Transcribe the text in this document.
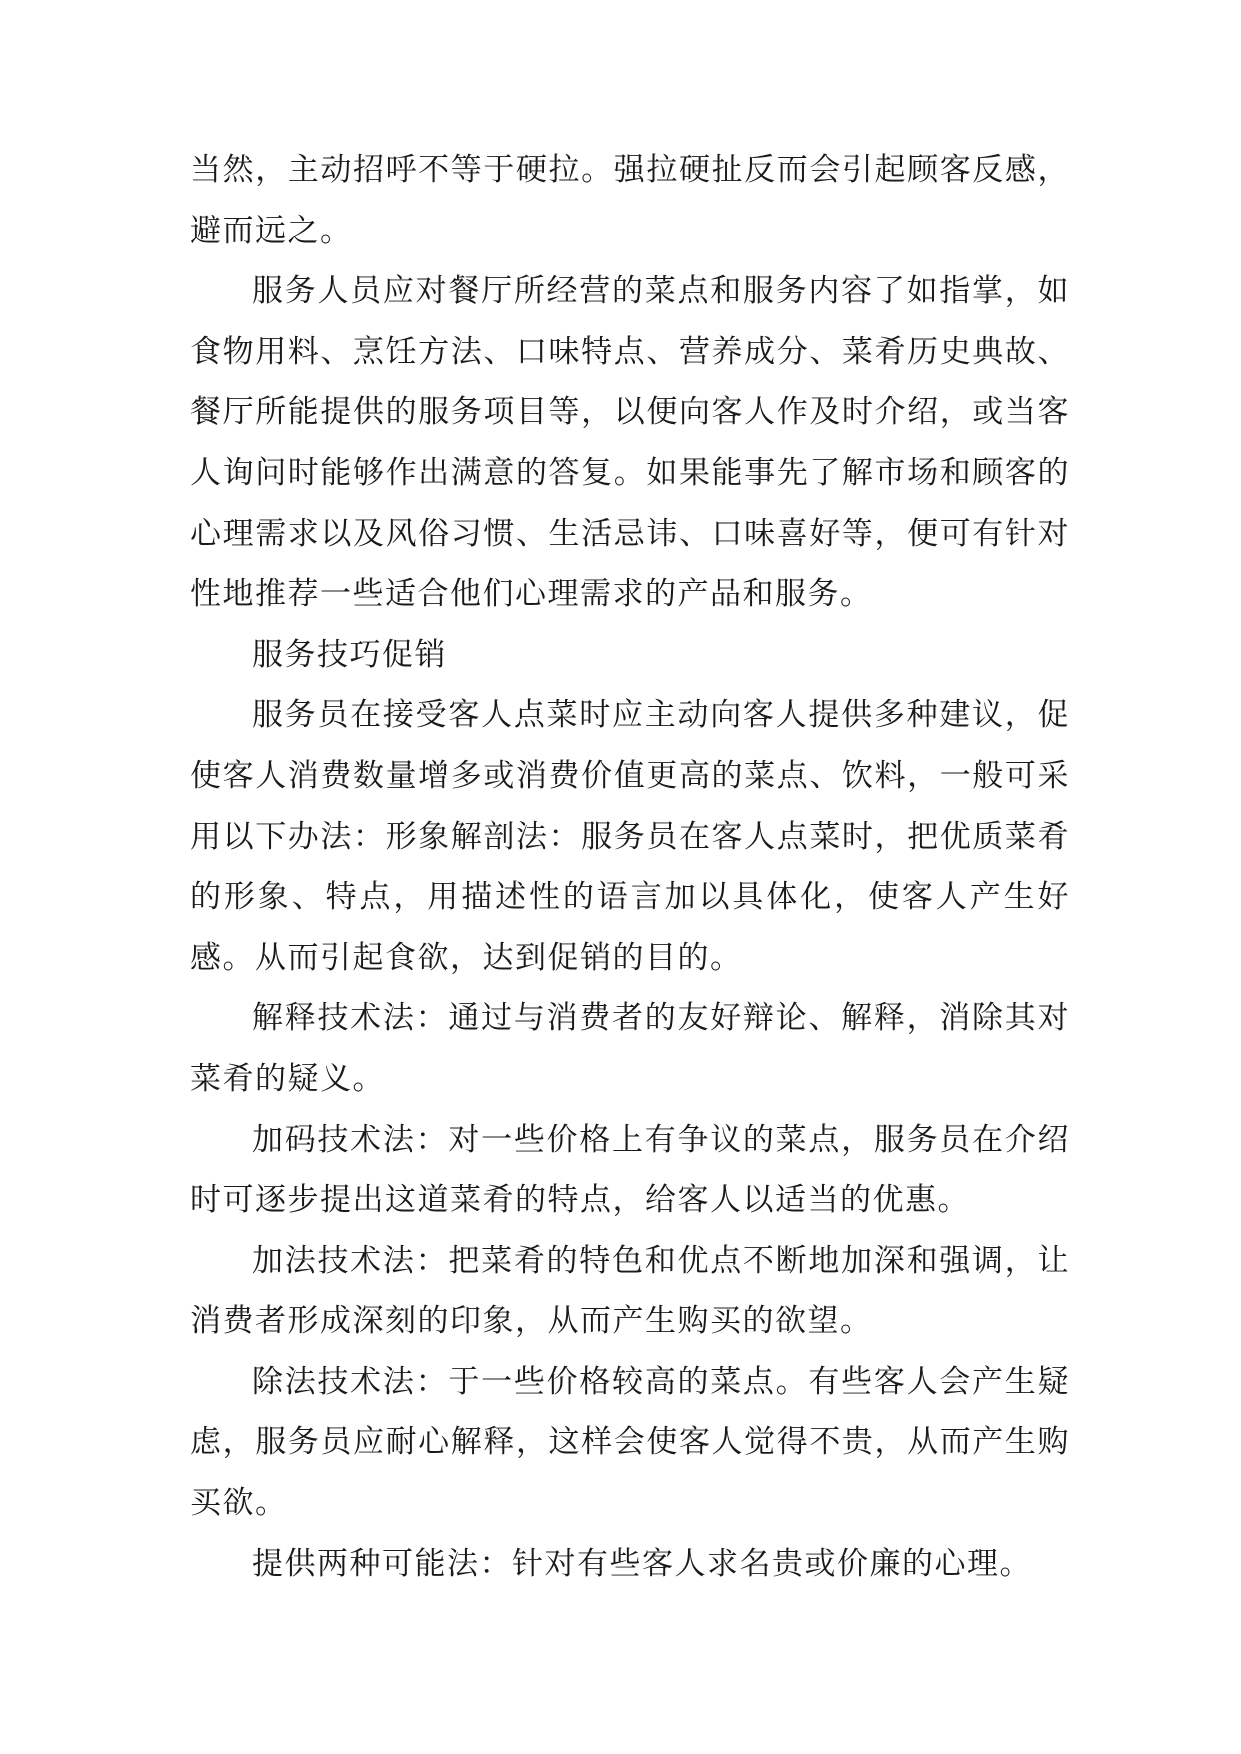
当然，主动招呼不等于硬拉。强拉硬扯反而会引起顾客反感，避而远之。

服务人员应对餐厅所经营的菜点和服务内容了如指掌，如食物用料、烹饪方法、口味特点、营养成分、菜肴历史典故、餐厅所能提供的服务项目等，以便向客人作及时介绍，或当客人询问时能够作出满意的答复。如果能事先了解市场和顾客的心理需求以及风俗习惯、生活忌讳、口味喜好等，便可有针对性地推荐一些适合他们心理需求的产品和服务。

服务技巧促销

服务员在接受客人点菜时应主动向客人提供多种建议，促使客人消费数量增多或消费价值更高的菜点、饮料，一般可采用以下办法：形象解剖法：服务员在客人点菜时，把优质菜肴的形象、特点，用描述性的语言加以具体化，使客人产生好感。从而引起食欲，达到促销的目的。

解释技术法：通过与消费者的友好辩论、解释，消除其对菜肴的疑义。

加码技术法：对一些价格上有争议的菜点，服务员在介绍时可逐步提出这道菜肴的特点，给客人以适当的优惠。

加法技术法：把菜肴的特色和优点不断地加深和强调，让消费者形成深刻的印象，从而产生购买的欲望。

除法技术法：于一些价格较高的菜点。有些客人会产生疑虑，服务员应耐心解释，这样会使客人觉得不贵，从而产生购买欲。

提供两种可能法：针对有些客人求名贵或价廉的心理。
